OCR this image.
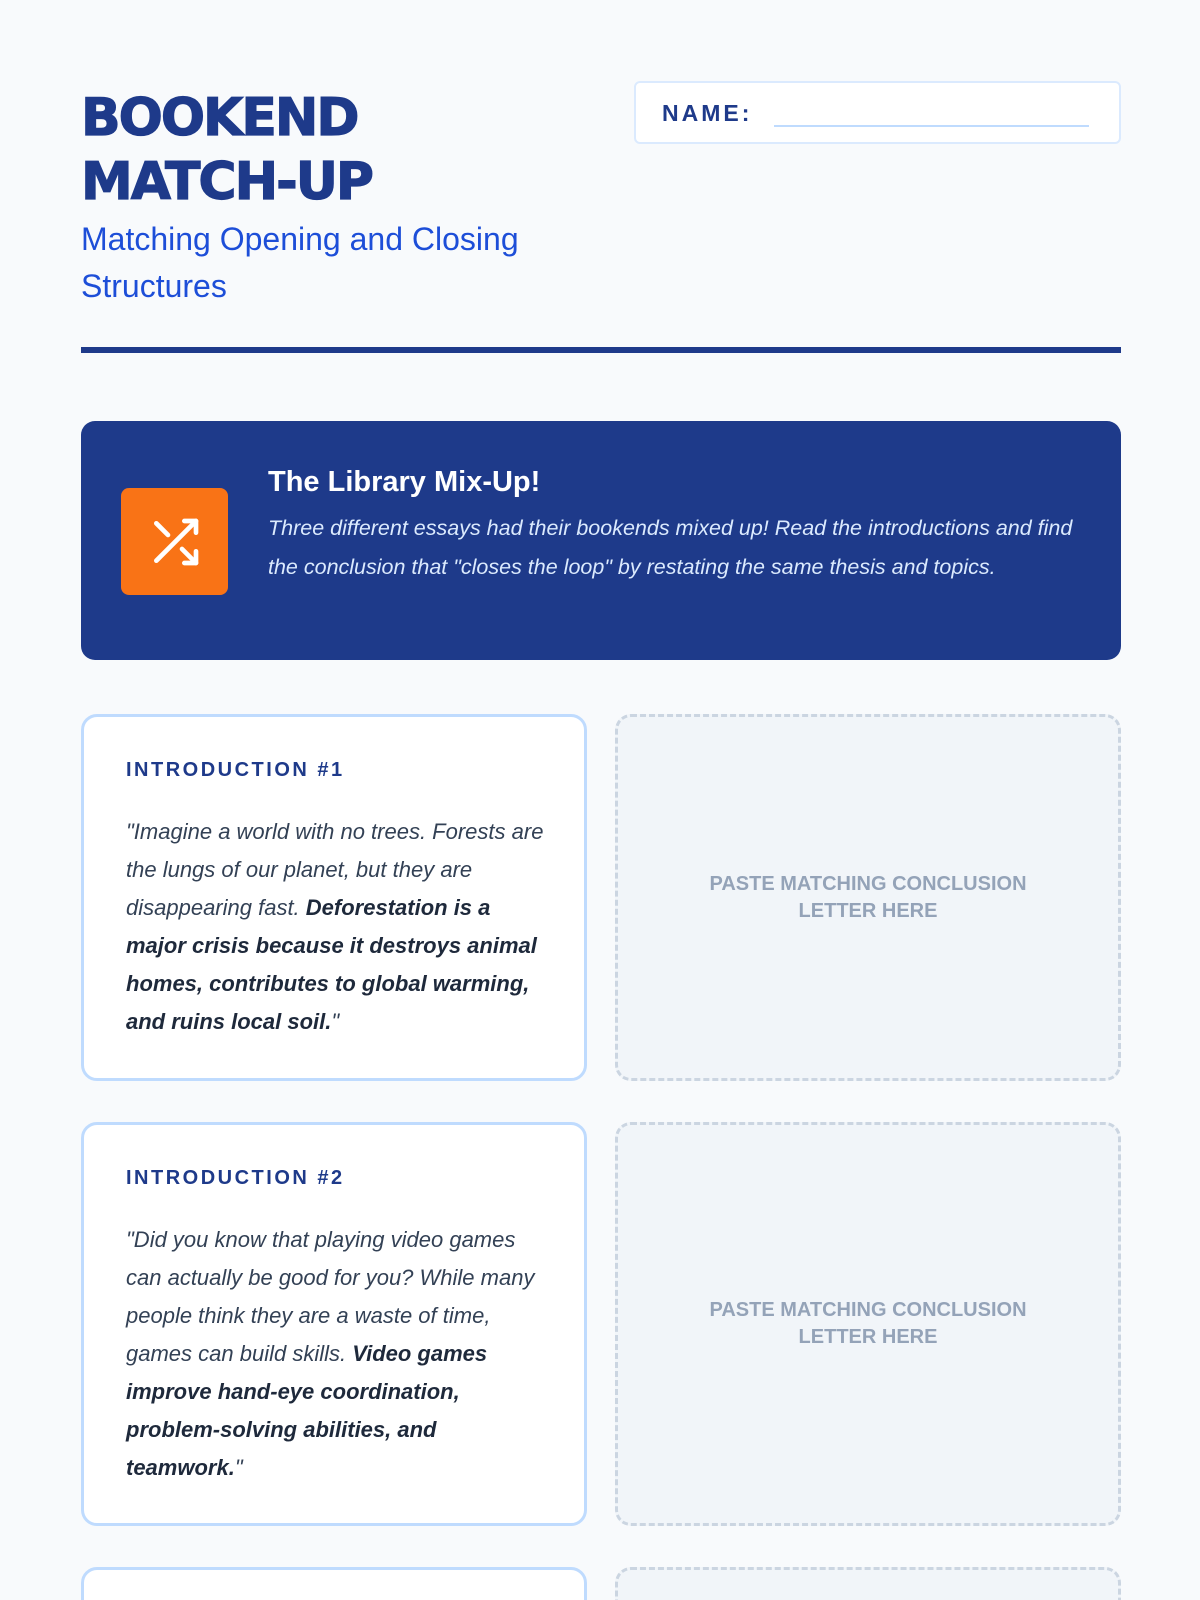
BOOKEND
MATCH-UP
Matching Opening and Closing Structures
NAME:
The Library Mix-Up!
Three different essays had their bookends mixed up! Read the introductions and find the conclusion that "closes the loop" by restating the same thesis and topics.
INTRODUCTION #1
"Imagine a world with no trees. Forests are the lungs of our planet, but they are disappearing fast. Deforestation is a major crisis because it destroys animal homes, contributes to global warming, and ruins local soil."
PASTE MATCHING CONCLUSION LETTER HERE
INTRODUCTION #2
"Did you know that playing video games can actually be good for you? While many people think they are a waste of time, games can build skills. Video games improve hand-eye coordination, problem-solving abilities, and teamwork."
PASTE MATCHING CONCLUSION LETTER HERE
